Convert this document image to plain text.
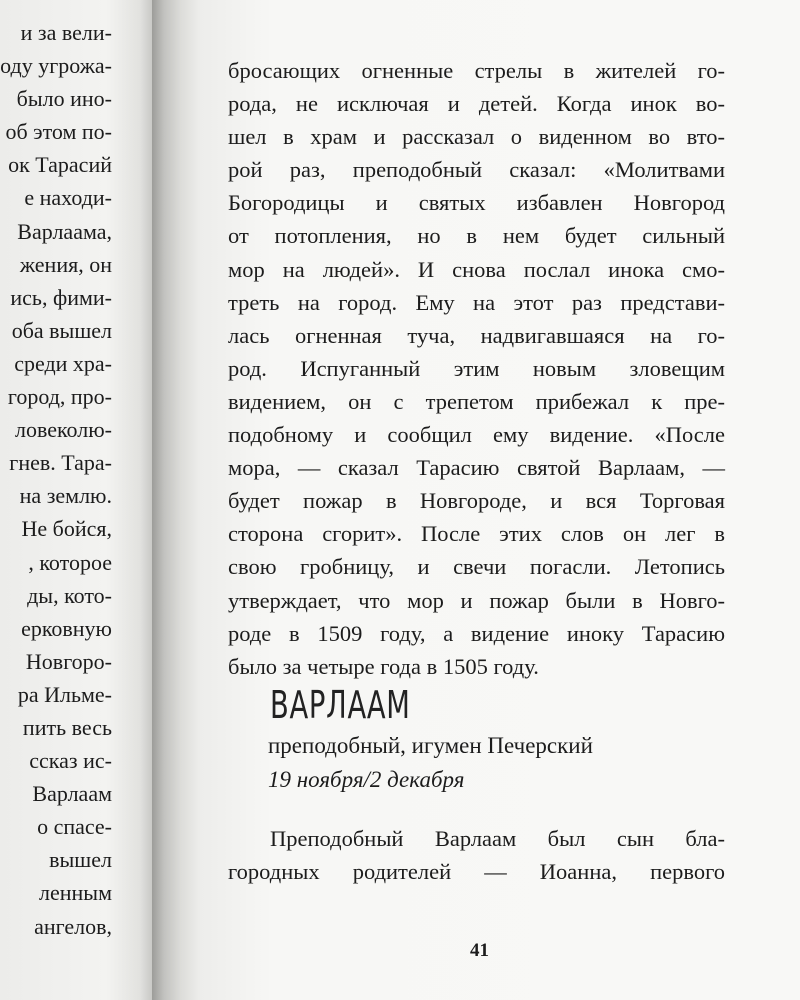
и за вели-
оду угрожа-
было ино-
об этом по-
ок Тарасий
е находи-
Варлаама,
жения, он
ись, фими-
оба вышел
среди хра-
город, про-
ловеколю-
гнев. Тара-
на землю.
Не бойся,
, которое
ды, кото-
ерковную
Новгоро-
ра Ильме-
пить весь
ссказ ис-
Варлаам
о спасе-
вышел
ленным
ангелов,
бросающих огненные стрелы в жителей го-
рода, не исключая и детей. Когда инок во-
шел в храм и рассказал о виденном во вто-
рой раз, преподобный сказал: «Молитвами
Богородицы и святых избавлен Новгород
от потопления, но в нем будет сильный
мор на людей». И снова послал инока смо-
треть на город. Ему на этот раз представи-
лась огненная туча, надвигавшаяся на го-
род. Испуганный этим новым зловещим
видением, он с трепетом прибежал к пре-
подобному и сообщил ему видение. «После
мора, — сказал Тарасию святой Варлаам, —
будет пожар в Новгороде, и вся Торговая
сторона сгорит». После этих слов он лег в
свою гробницу, и свечи погасли. Летопись
утверждает, что мор и пожар были в Новго-
роде в 1509 году, а видение иноку Тарасию
было за четыре года в 1505 году.
ВАРЛААМ
преподобный, игумен Печерский
19 ноября/2 декабря
Преподобный Варлаам был сын бла-
городных родителей — Иоанна, первого
41
